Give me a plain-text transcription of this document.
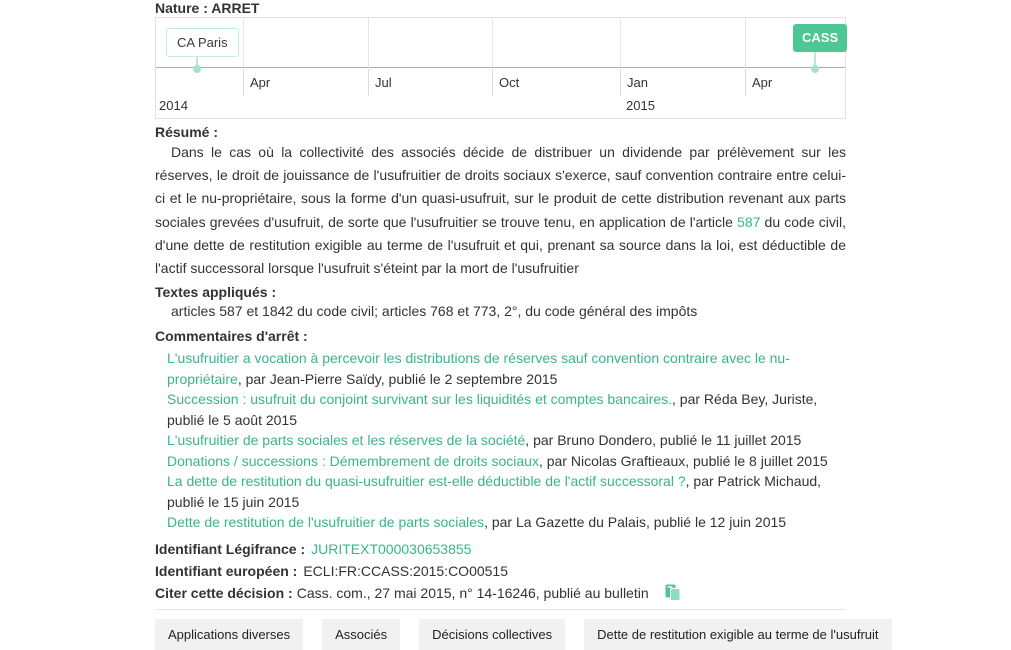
Nature : ARRET
CA Paris	CASS
Apr	Jul	Oct	Jan	Apr
2014	2015
Résumé :

Dans le cas où la collectivité des associés décide de distribuer un dividende par prélèvement sur les réserves, le droit de jouissance de l'usufruitier de droits sociaux s'exerce, sauf convention contraire entre celui-ci et le nu-propriétaire, sous la forme d'un quasi-usufruit, sur le produit de cette distribution revenant aux parts sociales grevées d'usufruit, de sorte que l'usufruitier se trouve tenu, en application de l'article 587 du code civil, d'une dette de restitution exigible au terme de l'usufruit et qui, prenant sa source dans la loi, est déductible de l'actif successoral lorsque l'usufruit s'éteint par la mort de l'usufruitier

Textes appliqués :

articles 587 et 1842 du code civil; articles 768 et 773, 2°, du code général des impôts

Commentaires d'arrêt :

L'usufruitier a vocation à percevoir les distributions de réserves sauf convention contraire avec le nu-propriétaire, par Jean-Pierre Saïdy, publié le 2 septembre 2015

Succession : usufruit du conjoint survivant sur les liquidités et comptes bancaires., par Réda Bey, Juriste, publié le 5 août 2015

L'usufruitier de parts sociales et les réserves de la société, par Bruno Dondero, publié le 11 juillet 2015

Donations / successions : Démembrement de droits sociaux, par Nicolas Graftieaux, publié le 8 juillet 2015

La dette de restitution du quasi-usufruitier est-elle déductible de l'actif successoral ?, par Patrick Michaud, publié le 15 juin 2015

Dette de restitution de l'usufruitier de parts sociales, par La Gazette du Palais, publié le 12 juin 2015

Identifiant Légifrance : JURITEXT000030653855

Identifiant européen : ECLI:FR:CCASS:2015:CO00515

Citer cette décision : Cass. com., 27 mai 2015, n° 14-16246, publié au bulletin

Applications diverses	Associés	Décisions collectives	Dette de restitution exigible au terme de l'usufruit
